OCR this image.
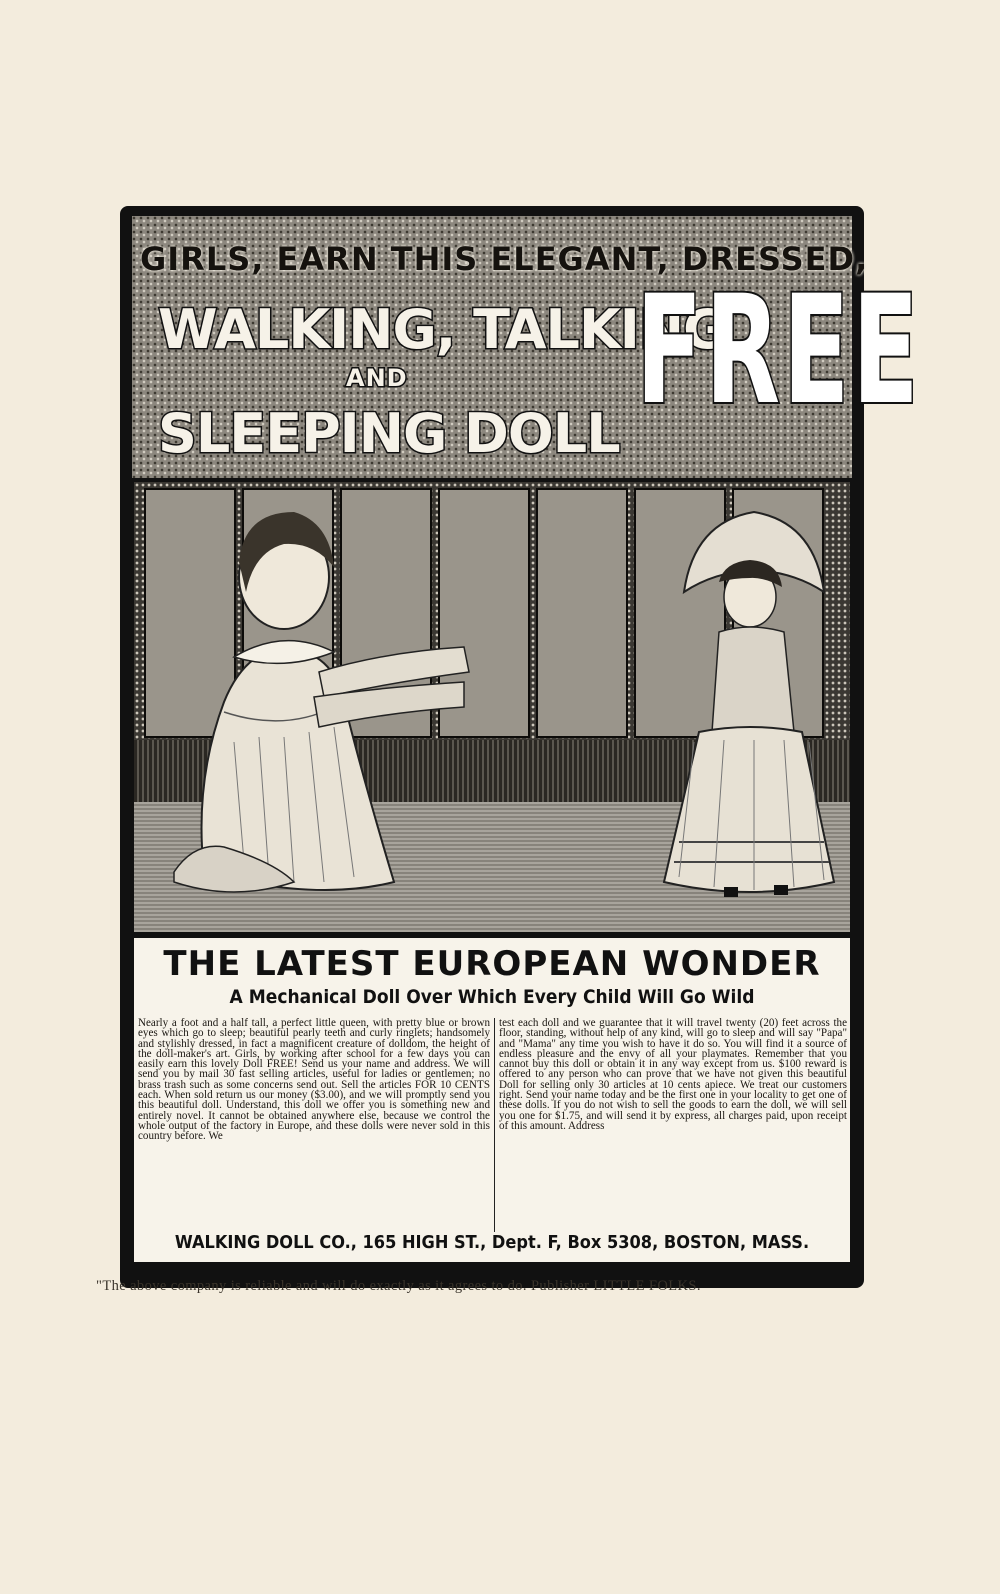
GIRLS, EARN THIS ELEGANT, DRESSED,
WALKING, TALKING
AND
SLEEPING DOLL FREE
THE LATEST EUROPEAN WONDER
A Mechanical Doll Over Which Every Child Will Go Wild
Nearly a foot and a half tall, a perfect little queen, with pretty blue or brown eyes which go to sleep; beautiful pearly teeth and curly ringlets; handsomely and stylishly dressed, in fact a magnificent creature of dolldom, the height of the doll-maker's art. Girls, by working after school for a few days you can easily earn this lovely Doll FREE! Send us your name and address. We will send you by mail 30 fast selling articles, useful for ladies or gentlemen; no brass trash such as some concerns send out. Sell the articles FOR 10 CENTS each. When sold return us our money ($3.00), and we will promptly send you this beautiful doll. Understand, this doll we offer you is something new and entirely novel. It cannot be obtained anywhere else, because we control the whole output of the factory in Europe, and these dolls were never sold in this country before. We
test each doll and we guarantee that it will travel twenty (20) feet across the floor, standing, without help of any kind, will go to sleep and will say "Papa" and "Mama" any time you wish to have it do so. You will find it a source of endless pleasure and the envy of all your playmates. Remember that you cannot buy this doll or obtain it in any way except from us. $100 reward is offered to any person who can prove that we have not given this beautiful Doll for selling only 30 articles at 10 cents apiece. We treat our customers right. Send your name today and be the first one in your locality to get one of these dolls. If you do not wish to sell the goods to earn the doll, we will sell you one for $1.75, and will send it by express, all charges paid, upon receipt of this amount. Address
WALKING DOLL CO., 165 HIGH ST., Dept. F, Box 5308, BOSTON, MASS.
"The above company is reliable and will do exactly as it agrees to do. Publisher LITTLE FOLKS.
